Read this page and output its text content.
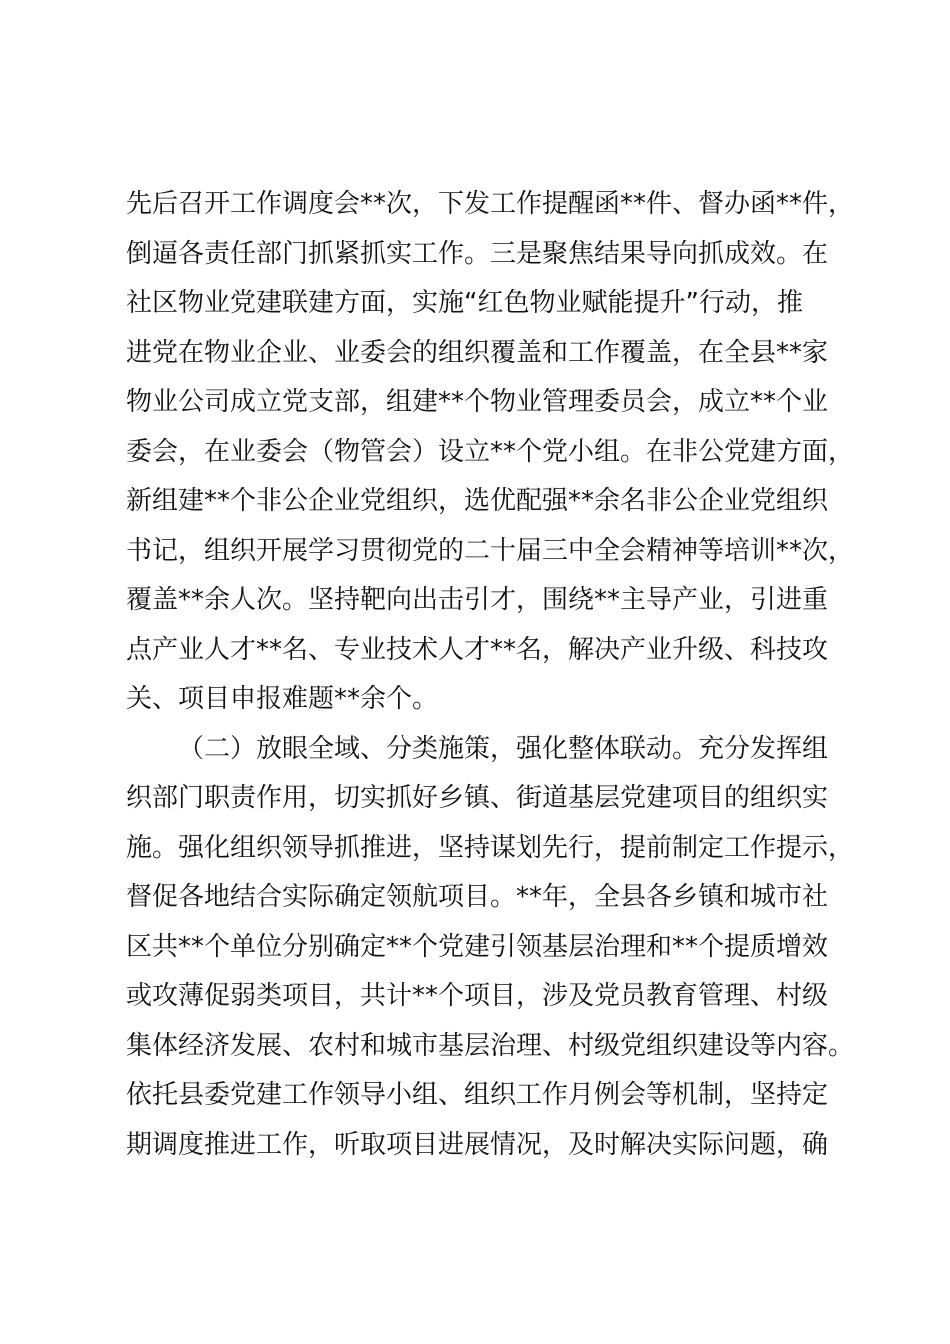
先后召开工作调度会**次，下发工作提醒函**件、督办函**件，
倒逼各责任部门抓紧抓实工作。三是聚焦结果导向抓成效。在
社区物业党建联建方面，实施“红色物业赋能提升”行动，推
进党在物业企业、业委会的组织覆盖和工作覆盖，在全县**家
物业公司成立党支部，组建**个物业管理委员会，成立**个业
委会，在业委会（物管会）设立**个党小组。在非公党建方面，
新组建**个非公企业党组织，选优配强**余名非公企业党组织
书记，组织开展学习贯彻党的二十届三中全会精神等培训**次，
覆盖**余人次。坚持靶向出击引才，围绕**主导产业，引进重
点产业人才**名、专业技术人才**名，解决产业升级、科技攻
关、项目申报难题**余个。
（二）放眼全域、分类施策，强化整体联动。充分发挥组
织部门职责作用，切实抓好乡镇、街道基层党建项目的组织实
施。强化组织领导抓推进，坚持谋划先行，提前制定工作提示，
督促各地结合实际确定领航项目。**年，全县各乡镇和城市社
区共**个单位分别确定**个党建引领基层治理和**个提质增效
或攻薄促弱类项目，共计**个项目，涉及党员教育管理、村级
集体经济发展、农村和城市基层治理、村级党组织建设等内容。
依托县委党建工作领导小组、组织工作月例会等机制，坚持定
期调度推进工作，听取项目进展情况，及时解决实际问题，确
